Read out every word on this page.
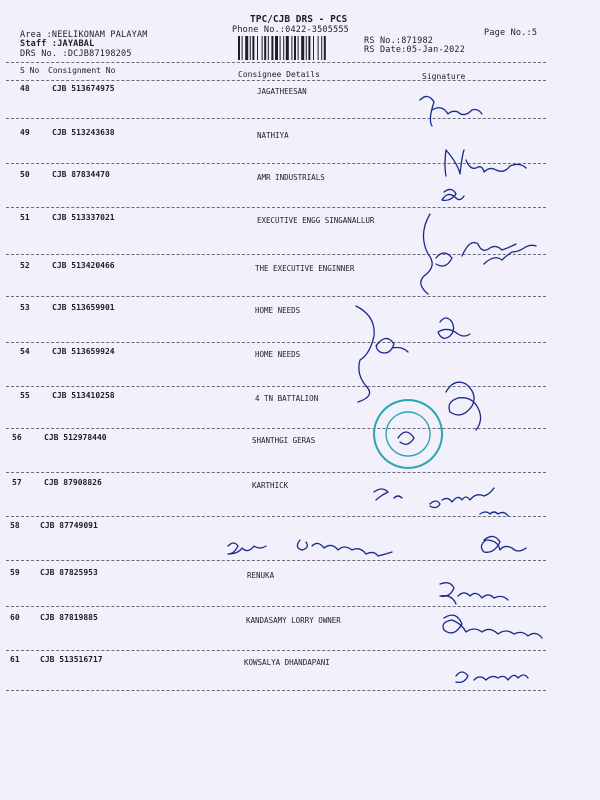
TPC/CJB DRS - PCS
Phone No.:0422-3505555	Page No.:5
Area :NEELIKONAM PALAYAM
Staff :JAYABAL
DRS No. :DCJB87198205
RS No.:871982
RS Date:05-Jan-2022
S No Consignment No	Consignee Details	Signature
48	CJB 513674975	JAGATHEESAN
49	CJB 513243638	NATHIYA
50	CJB 87834470	AMR INDUSTRIALS
51	CJB 513337021	EXECUTIVE ENGG SINGANALLUR
52	CJB 513420466	THE EXECUTIVE ENGINNER
53	CJB 513659901	HOME NEEDS
54	CJB 513659924	HOME NEEDS
55	CJB 513410258	4 TN BATTALION
56	CJB 512978440	SHANTHGI GERAS
57	CJB 87908826	KARTHICK
58	CJB 87749091
59	CJB 87825953	RENUKA
60	CJB 87819885	KANDASAMY LORRY OWNER
61	CJB 513516717	KOWSALYA DHANDAPANI
